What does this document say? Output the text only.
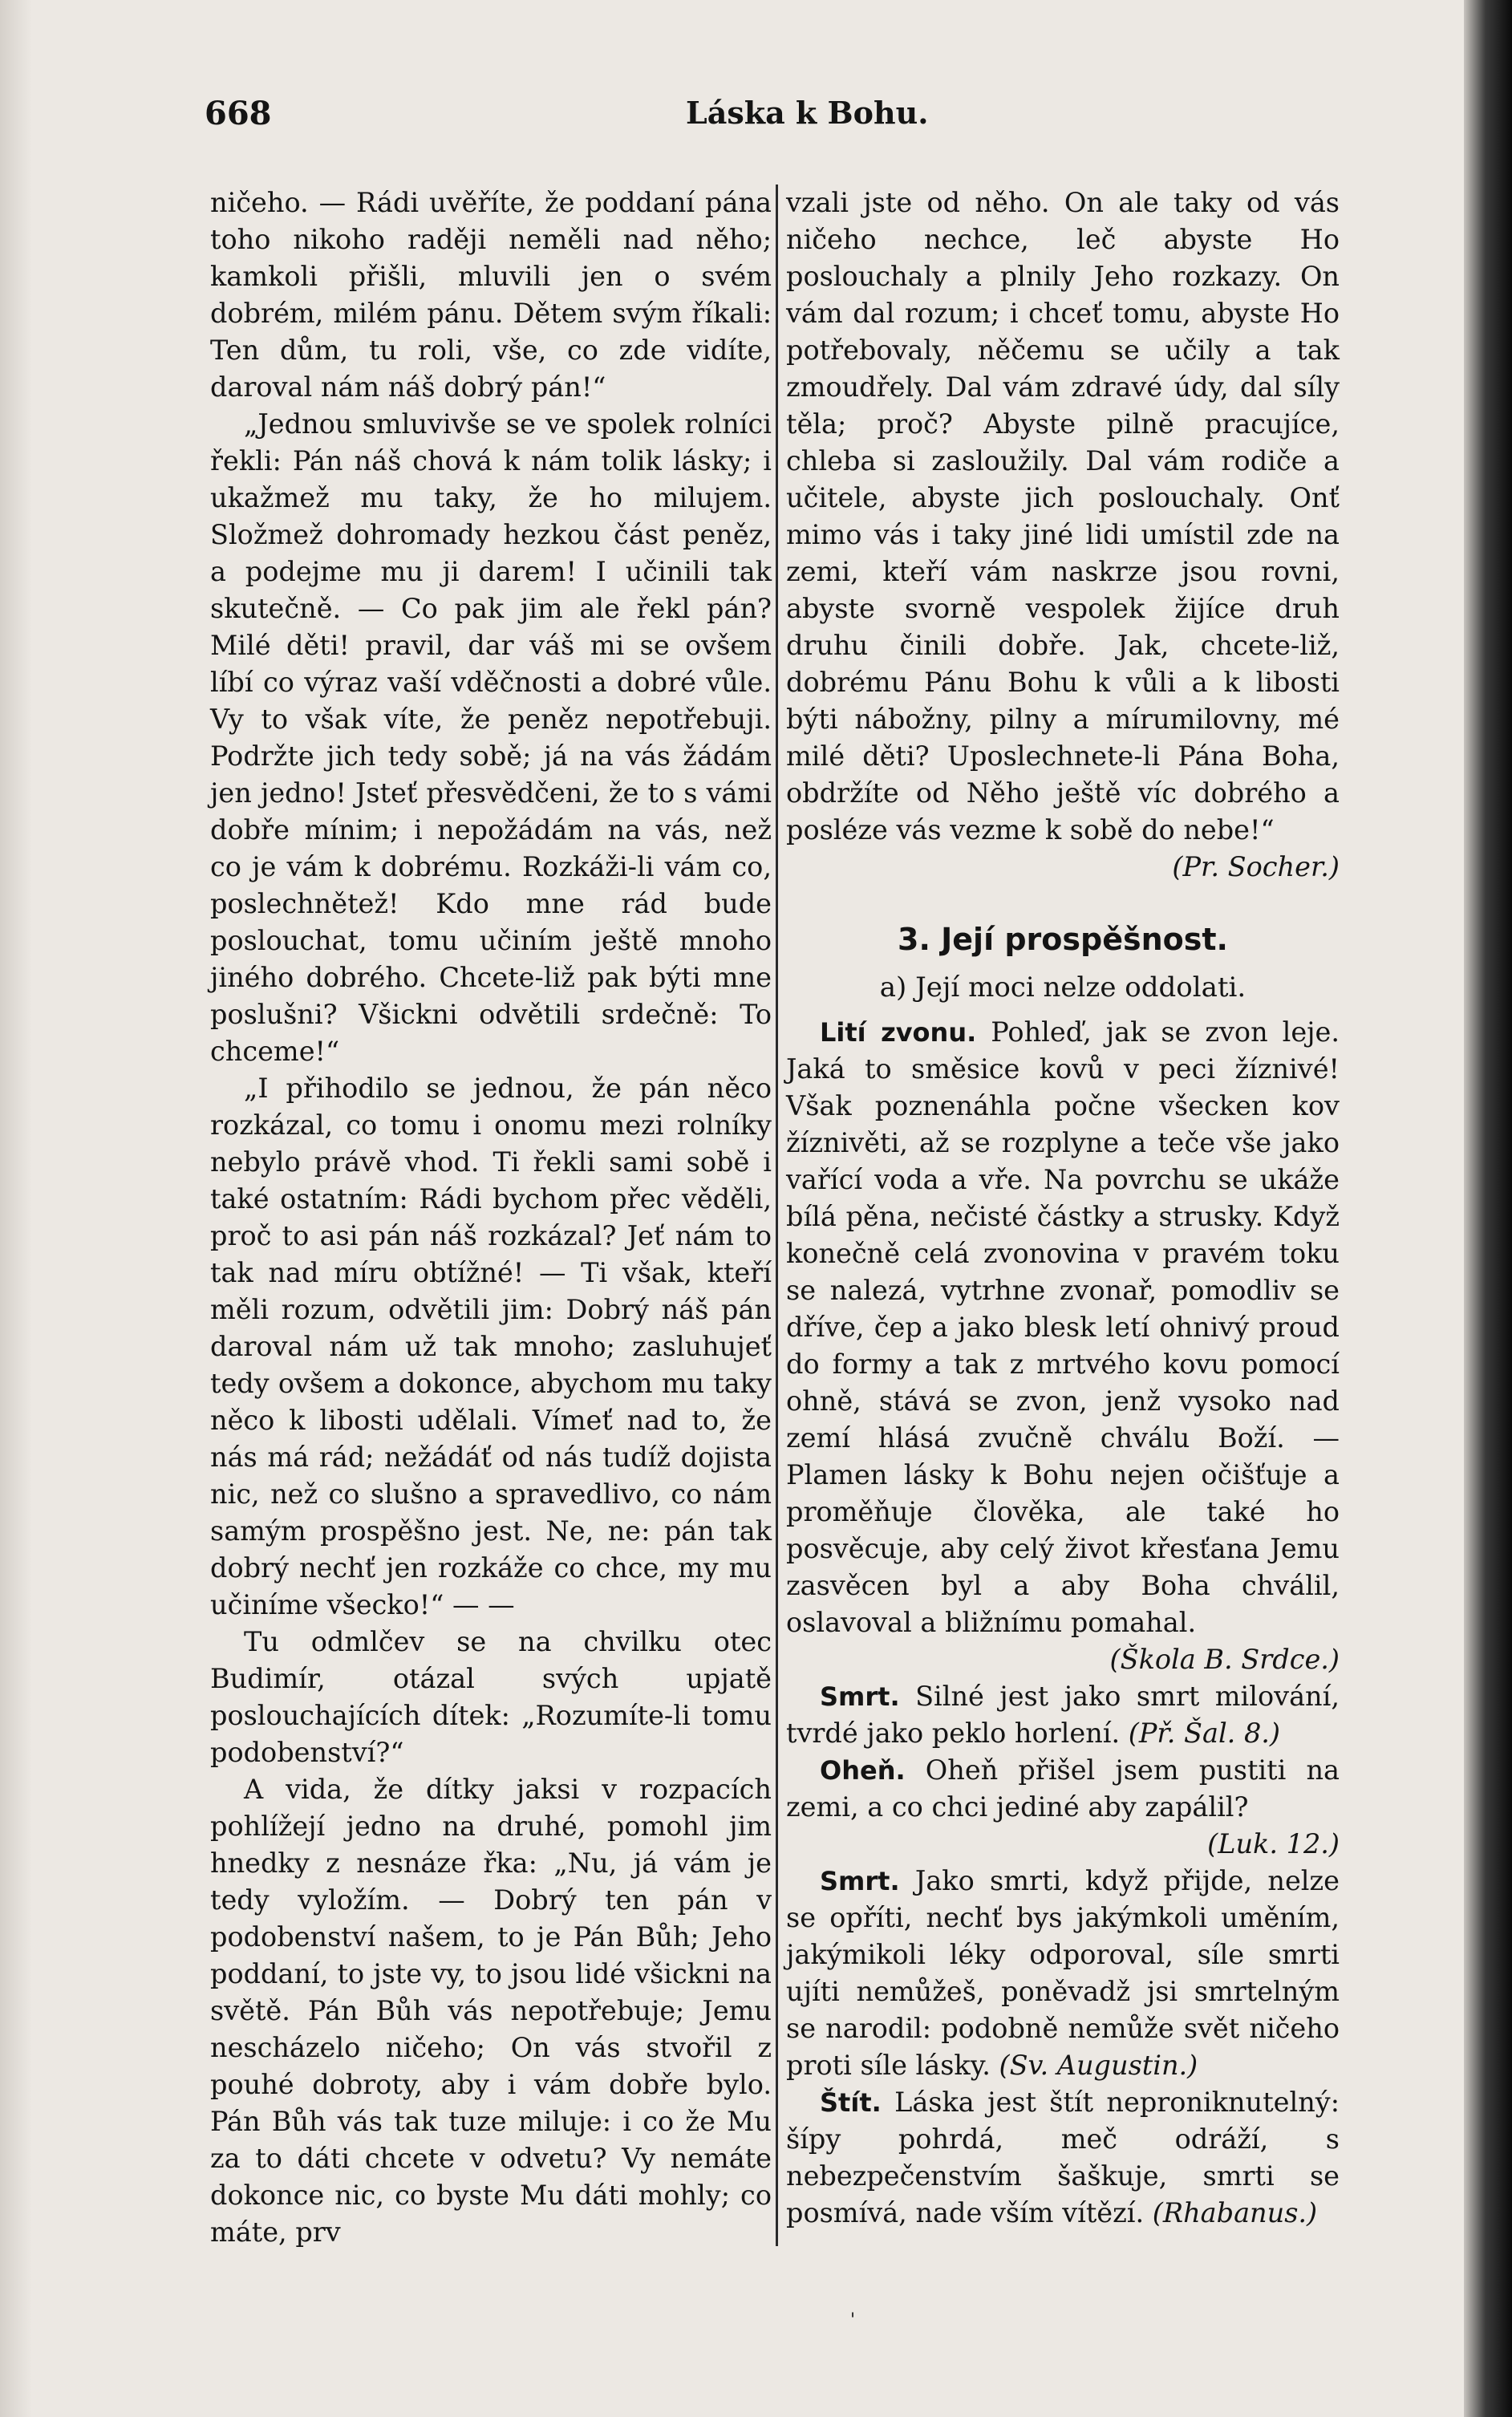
668	Láska k Bohu.

ničeho. — Rádi uvěříte, že poddaní pána toho nikoho raději neměli nad něho; kamkoli přišli, mluvili jen o svém dobrém, milém pánu. Dětem svým říkali: Ten dům, tu roli, vše, co zde vidíte, daroval nám náš dobrý pán!“

„Jednou smluvivše se ve spolek rolníci řekli: Pán náš chová k nám tolik lásky; i ukažmež mu taky, že ho milujem. Složmež dohromady hezkou část peněz, a podejme mu ji darem! I učinili tak skutečně. — Co pak jim ale řekl pán? Milé děti! pravil, dar váš mi se ovšem líbí co výraz vaší vděčnosti a dobré vůle. Vy to však víte, že peněz nepotřebuji. Podržte jich tedy sobě; já na vás žádám jen jedno! Jsteť přesvědčeni, že to s vámi dobře mínim; i nepožádám na vás, než co je vám k dobrému. Rozkáži-li vám co, poslechnětež! Kdo mne rád bude poslouchat, tomu učiním ještě mnoho jiného dobrého. Chcete-liž pak býti mne poslušni? Všickni odvětili srdečně: To chceme!“

„I přihodilo se jednou, že pán něco rozkázal, co tomu i onomu mezi rolníky nebylo právě vhod. Ti řekli sami sobě i také ostatním: Rádi bychom přec věděli, proč to asi pán náš rozkázal? Jeť nám to tak nad míru obtížné! — Ti však, kteří měli rozum, odvětili jim: Dobrý náš pán daroval nám už tak mnoho; zasluhujeť tedy ovšem a dokonce, abychom mu taky něco k libosti udělali. Vímeť nad to, že nás má rád; nežádáť od nás tudíž dojista nic, než co slušno a spravedlivo, co nám samým prospěšno jest. Ne, ne: pán tak dobrý nechť jen rozkáže co chce, my mu učiníme všecko!“ — —

Tu odmlčev se na chvilku otec Budimír, otázal svých upjatě poslouchajících dítek: „Rozumíte-li tomu podobenství?“

A vida, že dítky jaksi v rozpacích pohlížejí jedno na druhé, pomohl jim hnedky z nesnáze řka: „Nu, já vám je tedy vyložím. — Dobrý ten pán v podobenství našem, to je Pán Bůh; Jeho poddaní, to jste vy, to jsou lidé všickni na světě. Pán Bůh vás nepotřebuje; Jemu nescházelo ničeho; On vás stvořil z pouhé dobroty, aby i vám dobře bylo. Pán Bůh vás tak tuze miluje: i co že Mu za to dáti chcete v odvetu? Vy nemáte dokonce nic, co byste Mu dáti mohly; co máte, prv

vzali jste od něho. On ale taky od vás ničeho nechce, leč abyste Ho poslouchaly a plnily Jeho rozkazy. On vám dal rozum; i chceť tomu, abyste Ho potřebovaly, něčemu se učily a tak zmoudřely. Dal vám zdravé údy, dal síly těla; proč? Abyste pilně pracujíce, chleba si zasloužily. Dal vám rodiče a učitele, abyste jich poslouchaly. Onť mimo vás i taky jiné lidi umístil zde na zemi, kteří vám naskrze jsou rovni, abyste svorně vespolek žijíce druh druhu činili dobře. Jak, chcete-liž, dobrému Pánu Bohu k vůli a k libosti býti nábožny, pilny a mírumilovny, mé milé děti? Uposlechnete-li Pána Boha, obdržíte od Něho ještě víc dobrého a posléze vás vezme k sobě do nebe!“

(Pr. Socher.)

3. Její prospěšnost.
a) Její moci nelze oddolati.

Lití zvonu. Pohleď, jak se zvon leje. Jaká to směsice kovů v peci žíznivé! Však poznenáhla počne všecken kov žíznivěti, až se rozplyne a teče vše jako vařící voda a vře. Na povrchu se ukáže bílá pěna, nečisté částky a strusky. Když konečně celá zvonovina v pravém toku se nalezá, vytrhne zvonař, pomodliv se dříve, čep a jako blesk letí ohnivý proud do formy a tak z mrtvého kovu pomocí ohně, stává se zvon, jenž vysoko nad zemí hlásá zvučně chválu Boží. — Plamen lásky k Bohu nejen očišťuje a proměňuje člověka, ale také ho posvěcuje, aby celý život křesťana Jemu zasvěcen byl a aby Boha chválil, oslavoval a bližnímu pomahal.

(Škola B. Srdce.)

Smrt. Silné jest jako smrt milování, tvrdé jako peklo horlení. (Př. Šal. 8.)

Oheň. Oheň přišel jsem pustiti na zemi, a co chci jediné aby zapálil?

(Luk. 12.)

Smrt. Jako smrti, když přijde, nelze se opříti, nechť bys jakýmkoli uměním, jakýmikoli léky odporoval, síle smrti ujíti nemůžeš, poněvadž jsi smrtelným se narodil: podobně nemůže svět ničeho proti síle lásky. (Sv. Augustin.)

Štít. Láska jest štít neproniknutelný: šípy pohrdá, meč odráží, s nebezpečenstvím šaškuje, smrti se posmívá, nade vším vítězí. (Rhabanus.)

'
